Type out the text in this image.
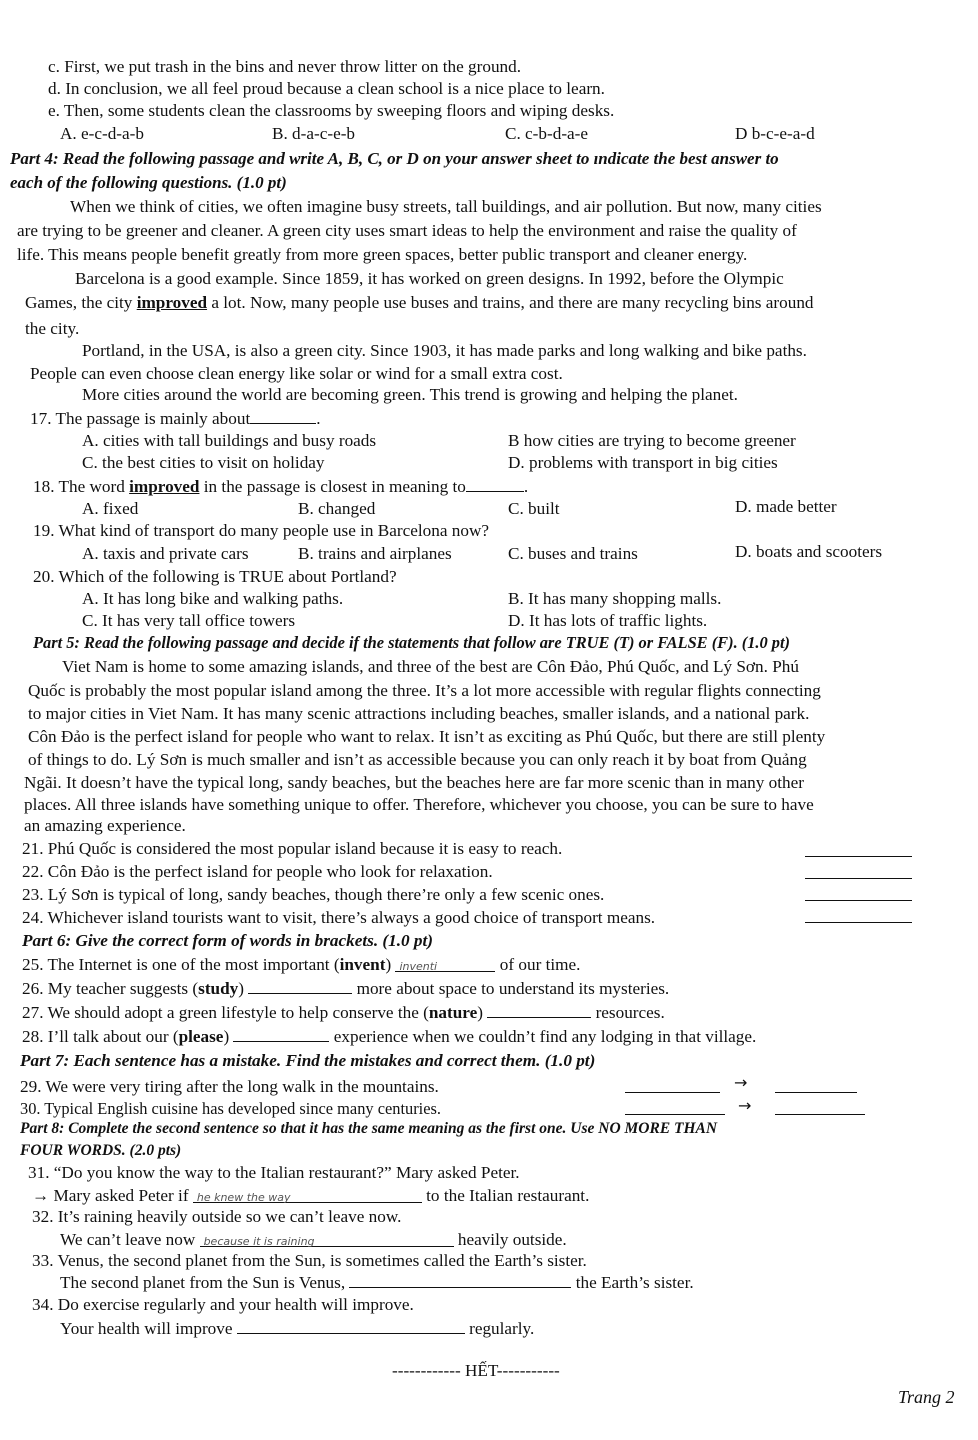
c. First, we put trash in the bins and never throw litter on the ground.
d. In conclusion, we all feel proud because a clean school is a nice place to learn.
e. Then, some students clean the classrooms by sweeping floors and wiping desks.
A. e-c-d-a-b	B. d-a-c-e-b	C. c-b-d-a-e	D b-c-e-a-d
Part 4: Read the following passage and write A, B, C, or D on your answer sheet to ındicate the best answer to
each of the following questions. (1.0 pt)
When we think of cities, we often imagine busy streets, tall buildings, and air pollution. But now, many cities
are trying to be greener and cleaner. A green city uses smart ideas to help the environment and raise the quality of
life. This means people benefit greatly from more green spaces, better public transport and cleaner energy.
Barcelona is a good example. Since 1859, it has worked on green designs. In 1992, before the Olympic
Games, the city improved a lot. Now, many people use buses and trains, and there are many recycling bins around
the city.
Portland, in the USA, is also a green city. Since 1903, it has made parks and long walking and bike paths.
People can even choose clean energy like solar or wind for a small extra cost.
More cities around the world are becoming green. This trend is growing and helping the planet.
17. The passage is mainly about	.
A. cities with tall buildings and busy roads	B how cities are trying to become greener
C. the best cities to visit on holiday	D. problems with transport in big cities
18. The word improved in the passage is closest in meaning to	.
A. fixed	B. changed	C. built	D. made better
19. What kind of transport do many people use in Barcelona now?
A. taxis and private cars	B. trains and airplanes	C. buses and trains	D. boats and scooters
20. Which of the following is TRUE about Portland?
A. It has long bike and walking paths.	B. It has many shopping malls.
C. It has very tall office towers	D. It has lots of traffic lights.
Part 5: Read the following passage and decide if the statements that follow are TRUE (T) or FALSE (F). (1.0 pt)
Viet Nam is home to some amazing islands, and three of the best are Côn Đảo, Phú Quốc, and Lý Sơn. Phú
Quốc is probably the most popular island among the three. It’s a lot more accessible with regular flights connecting
to major cities in Viet Nam. It has many scenic attractions including beaches, smaller islands, and a national park.
Côn Đảo is the perfect island for people who want to relax. It isn’t as exciting as Phú Quốc, but there are still plenty
of things to do. Lý Sơn is much smaller and isn’t as accessible because you can only reach it by boat from Quảng
Ngãi. It doesn’t have the typical long, sandy beaches, but the beaches here are far more scenic than in many other
places. All three islands have something unique to offer. Therefore, whichever you choose, you can be sure to have
an amazing experience.
21. Phú Quốc is considered the most popular island because it is easy to reach.
22. Côn Đảo is the perfect island for people who look for relaxation.
23. Lý Sơn is typical of long, sandy beaches, though there’re only a few scenic ones.
24. Whichever island tourists want to visit, there’s always a good choice of transport means.
Part 6: Give the correct form of words in brackets. (1.0 pt)
25. The Internet is one of the most important (invent) inventi	of our time.
26. My teacher suggests (study)	more about space to understand its mysteries.
27. We should adopt a green lifestyle to help conserve the (nature)	resources.
28. I’ll talk about our (please)	experience when we couldn’t find any lodging in that village.
Part 7: Each sentence has a mistake. Find the mistakes and correct them. (1.0 pt)
29. We were very tiring after the long walk in the mountains.	→
30. Typical English cuisine has developed since many centuries.	→
Part 8: Complete the second sentence so that it has the same meaning as the first one. Use NO MORE THAN
FOUR WORDS. (2.0 pts)
31. “Do you know the way to the Italian restaurant?” Mary asked Peter.
→ Mary asked Peter if he knew the way	to the Italian restaurant.
32. It’s raining heavily outside so we can’t leave now.
We can’t leave now because it is raining	heavily outside.
33. Venus, the second planet from the Sun, is sometimes called the Earth’s sister.
The second planet from the Sun is Venus,	the Earth’s sister.
34. Do exercise regularly and your health will improve.
Your health will improve	regularly.
------------ HẾT-----------
Trang 2
